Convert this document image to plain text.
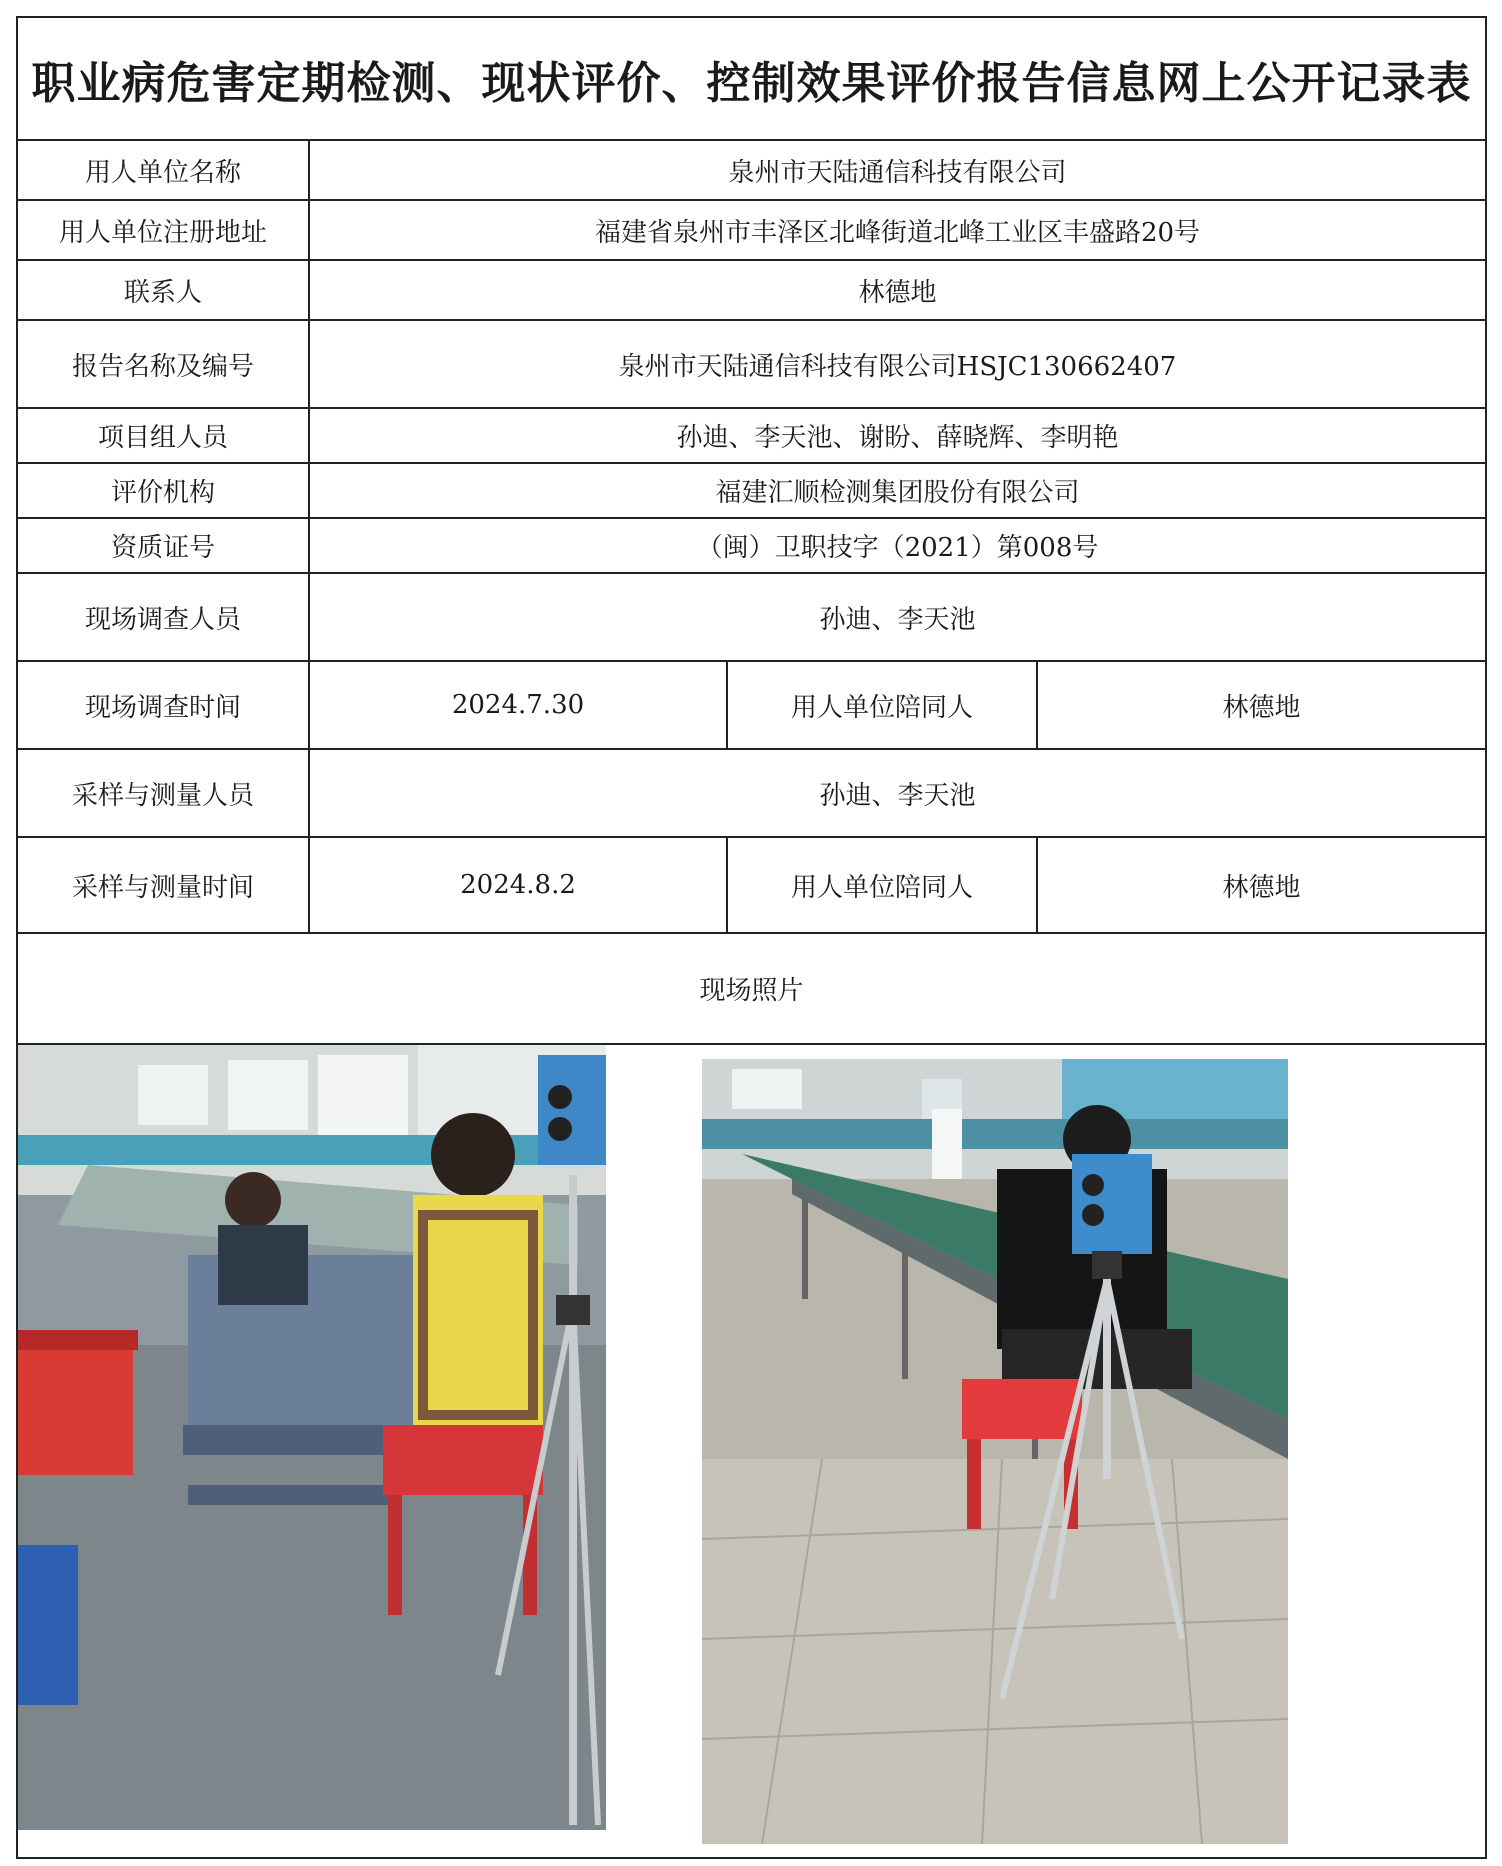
职业病危害定期检测、现状评价、控制效果评价报告信息网上公开记录表
用人单位名称	泉州市天陆通信科技有限公司
用人单位注册地址	福建省泉州市丰泽区北峰街道北峰工业区丰盛路20号
联系人	林德地
报告名称及编号	泉州市天陆通信科技有限公司HSJC130662407
项目组人员	孙迪、李天池、谢盼、薛晓辉、李明艳
评价机构	福建汇顺检测集团股份有限公司
资质证号	（闽）卫职技字（2021）第008号
现场调查人员	孙迪、李天池
现场调查时间	2024.7.30	用人单位陪同人	林德地
采样与测量人员	孙迪、李天池
采样与测量时间	2024.8.2	用人单位陪同人	林德地
现场照片
